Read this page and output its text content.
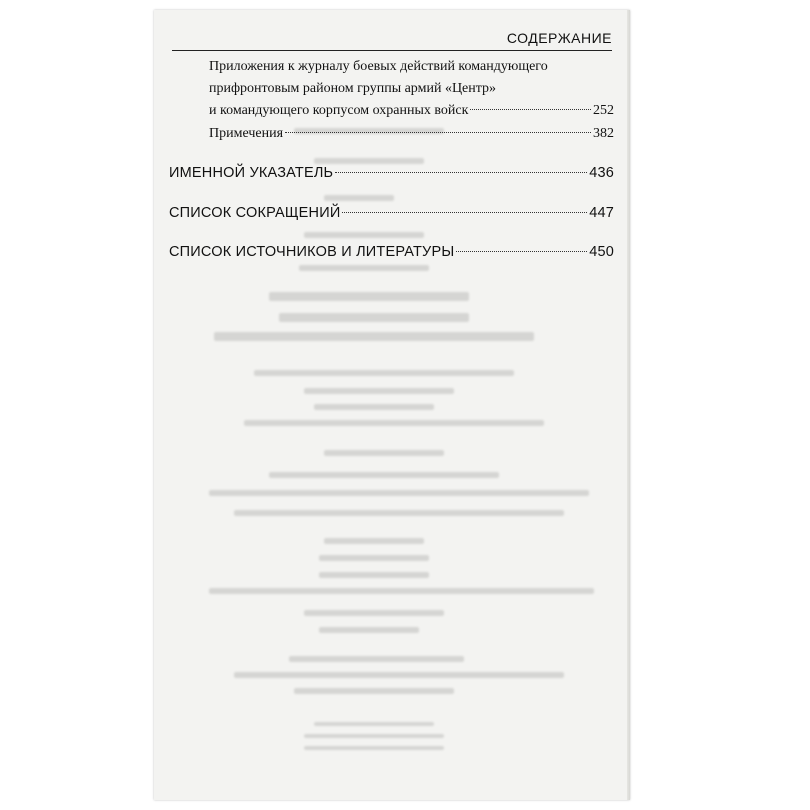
СОДЕРЖАНИЕ
Приложения к журналу боевых действий командующего
прифронтовым районом группы армий «Центр»
и командующего корпусом охранных войск	252
Примечения	382
ИМЕННОЙ УКАЗАТЕЛЬ	436
СПИСОК СОКРАЩЕНИЙ	447
СПИСОК ИСТОЧНИКОВ И ЛИТЕРАТУРЫ	450
